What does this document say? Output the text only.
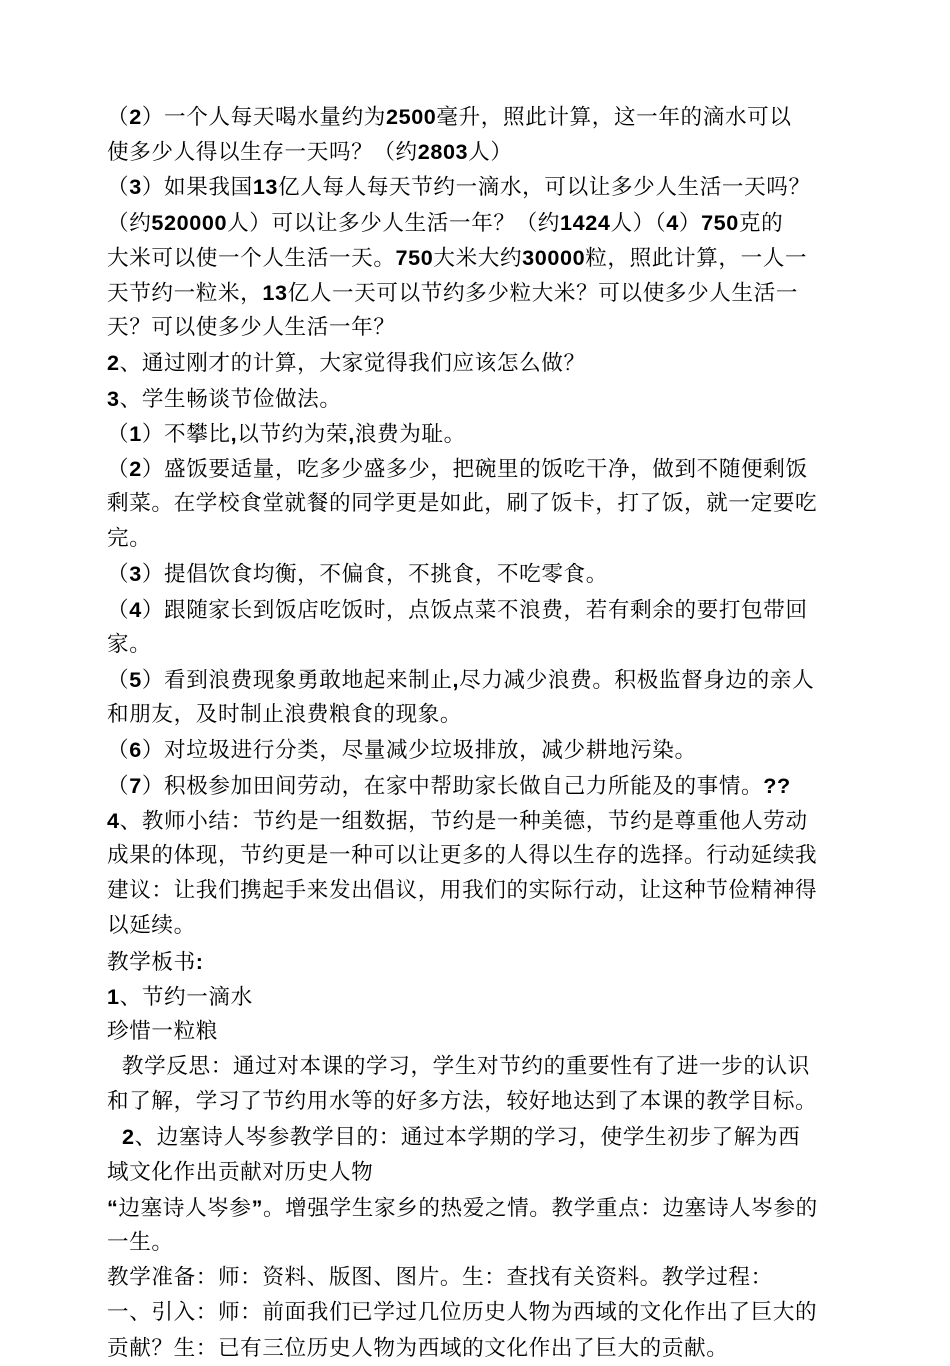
（2）一个人每天喝水量约为2500毫升，照此计算，这一年的滴水可以
使多少人得以生存一天吗？（约2803人）
（3）如果我国13亿人每人每天节约一滴水，可以让多少人生活一天吗？
（约520000人）可以让多少人生活一年？（约1424人）（4）750克的
大米可以使一个人生活一天。750大米大约30000粒，照此计算，一人一
天节约一粒米，13亿人一天可以节约多少粒大米？可以使多少人生活一
天？可以使多少人生活一年？
2、通过刚才的计算，大家觉得我们应该怎么做？
3、学生畅谈节俭做法。
（1）不攀比,以节约为荣,浪费为耻。
（2）盛饭要适量，吃多少盛多少，把碗里的饭吃干净，做到不随便剩饭
剩菜。在学校食堂就餐的同学更是如此，刷了饭卡，打了饭，就一定要吃
完。
（3）提倡饮食均衡，不偏食，不挑食，不吃零食。
（4）跟随家长到饭店吃饭时，点饭点菜不浪费，若有剩余的要打包带回
家。
（5）看到浪费现象勇敢地起来制止,尽力减少浪费。积极监督身边的亲人
和朋友，及时制止浪费粮食的现象。
（6）对垃圾进行分类，尽量减少垃圾排放，减少耕地污染。
（7）积极参加田间劳动，在家中帮助家长做自己力所能及的事情。??
4、教师小结：节约是一组数据，节约是一种美德，节约是尊重他人劳动
成果的体现，节约更是一种可以让更多的人得以生存的选择。行动延续我
建议：让我们携起手来发出倡议，用我们的实际行动，让这种节俭精神得
以延续。
教学板书:
1、节约一滴水
珍惜一粒粮
教学反思：通过对本课的学习，学生对节约的重要性有了进一步的认识
和了解，学习了节约用水等的好多方法，较好地达到了本课的教学目标。
2、边塞诗人岑参教学目的：通过本学期的学习，使学生初步了解为西
域文化作出贡献对历史人物
“边塞诗人岑参”。增强学生家乡的热爱之情。教学重点：边塞诗人岑参的
一生。
教学准备：师：资料、版图、图片。生：查找有关资料。教学过程：
一、引入：师：前面我们已学过几位历史人物为西域的文化作出了巨大的
贡献？生：已有三位历史人物为西域的文化作出了巨大的贡献。
